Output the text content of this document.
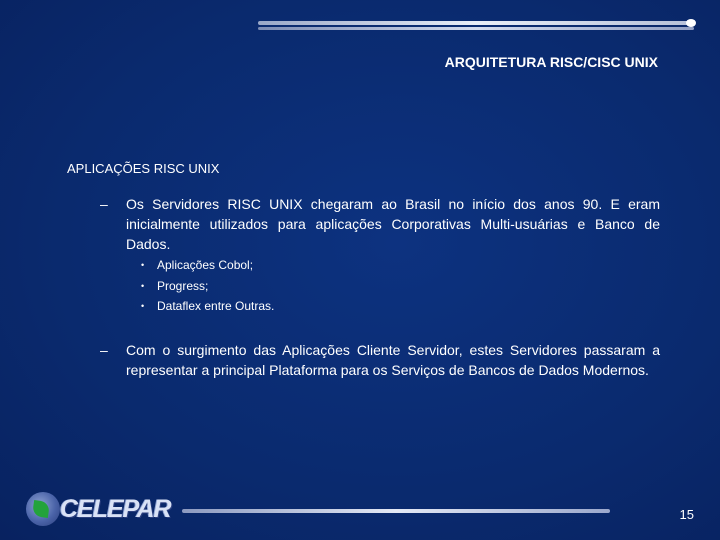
ARQUITETURA RISC/CISC UNIX
APLICAÇÕES RISC UNIX
– Os Servidores RISC UNIX chegaram ao Brasil no início dos anos 90. E eram inicialmente utilizados para aplicações Corporativas Multi-usuárias e Banco de Dados.
• Aplicações Cobol;
• Progress;
• Dataflex entre Outras.
– Com o surgimento das Aplicações Cliente Servidor, estes Servidores passaram a representar a principal Plataforma para os Serviços de Bancos de Dados Modernos.
CELEPAR	15
